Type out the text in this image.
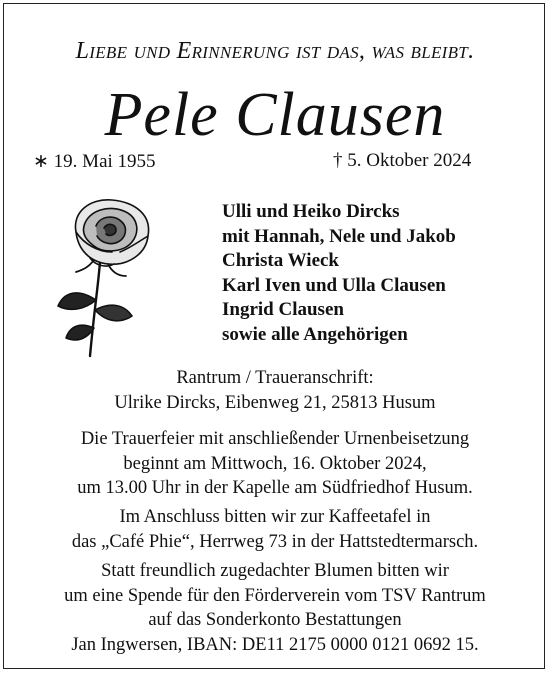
Liebe und Erinnerung ist das, was bleibt.
Pele Clausen
∗ 19. Mai 1955	† 5. Oktober 2024
Ulli und Heiko Dircks
mit Hannah, Nele und Jakob
Christa Wieck
Karl Iven und Ulla Clausen
Ingrid Clausen
sowie alle Angehörigen
Rantrum / Traueranschrift:
Ulrike Dircks, Eibenweg 21, 25813 Husum
Die Trauerfeier mit anschließender Urnenbeisetzung
beginnt am Mittwoch, 16. Oktober 2024,
um 13.00 Uhr in der Kapelle am Südfriedhof Husum.
Im Anschluss bitten wir zur Kaffeetafel in
das „Café Phie“, Herrweg 73 in der Hattstedtermarsch.
Statt freundlich zugedachter Blumen bitten wir
um eine Spende für den Förderverein vom TSV Rantrum
auf das Sonderkonto Bestattungen
Jan Ingwersen, IBAN: DE11 2175 0000 0121 0692 15.
